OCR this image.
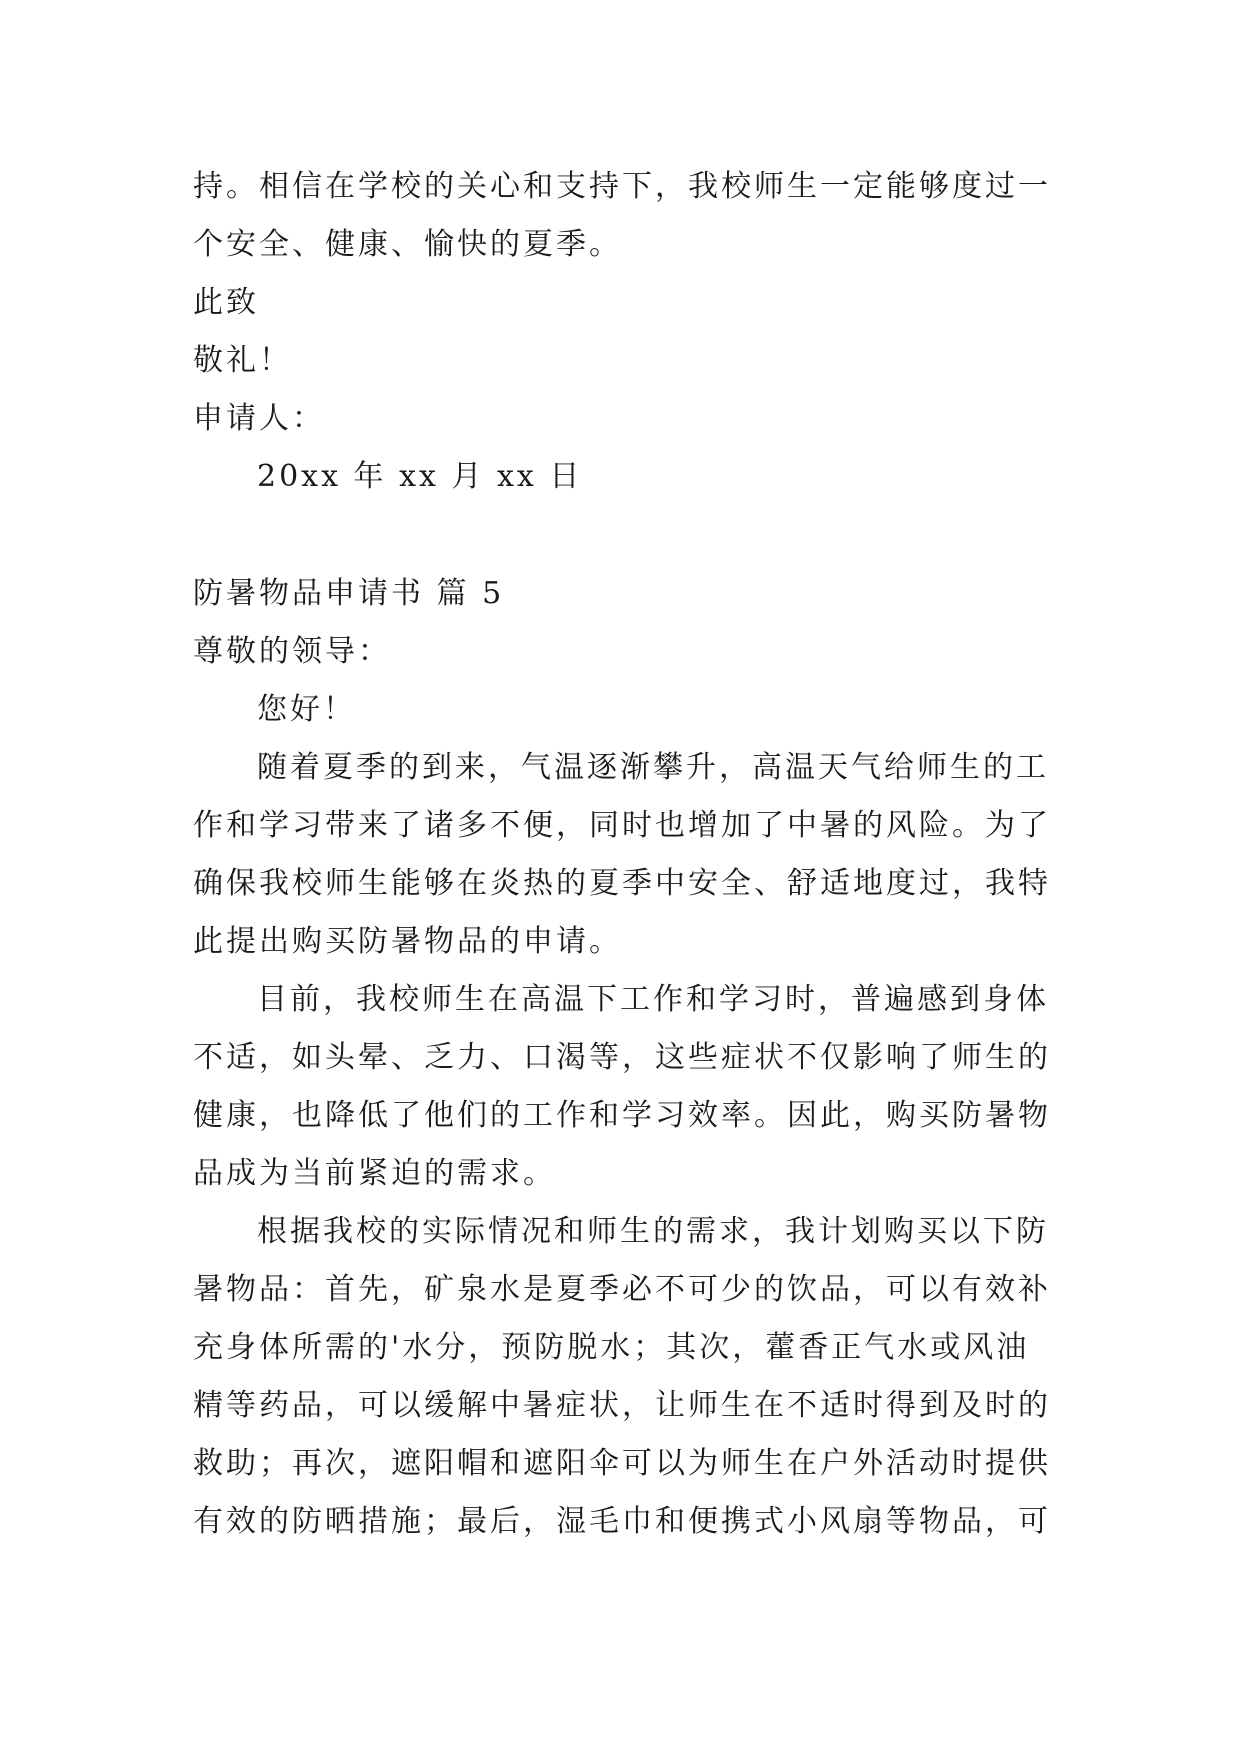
持。相信在学校的关心和支持下，我校师生一定能够度过一
个安全、健康、愉快的夏季。
此致
敬礼！
申请人：
20xx 年 xx 月 xx 日
防暑物品申请书 篇 5
尊敬的领导：
您好！
随着夏季的到来，气温逐渐攀升，高温天气给师生的工
作和学习带来了诸多不便，同时也增加了中暑的风险。为了
确保我校师生能够在炎热的夏季中安全、舒适地度过，我特
此提出购买防暑物品的申请。
目前，我校师生在高温下工作和学习时，普遍感到身体
不适，如头晕、乏力、口渴等，这些症状不仅影响了师生的
健康，也降低了他们的工作和学习效率。因此，购买防暑物
品成为当前紧迫的需求。
根据我校的实际情况和师生的需求，我计划购买以下防
暑物品：首先，矿泉水是夏季必不可少的饮品，可以有效补
充身体所需的'水分，预防脱水；其次，藿香正气水或风油
精等药品，可以缓解中暑症状，让师生在不适时得到及时的
救助；再次，遮阳帽和遮阳伞可以为师生在户外活动时提供
有效的防晒措施；最后，湿毛巾和便携式小风扇等物品，可
